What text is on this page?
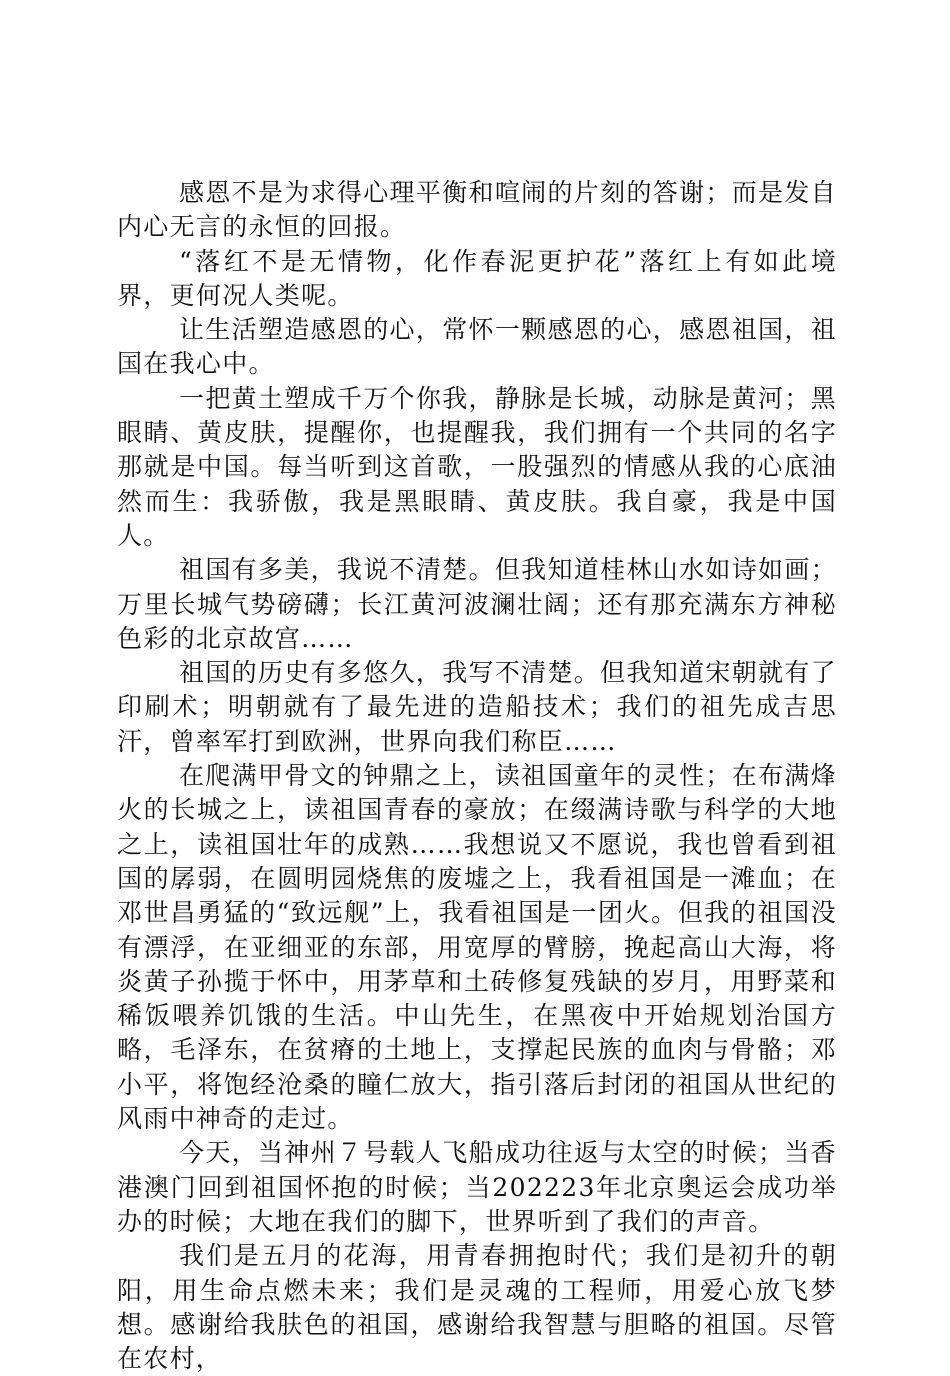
感恩不是为求得心理平衡和喧闹的片刻的答谢；而是发自内心无言的永恒的回报。

“落红不是无情物，化作春泥更护花”落红上有如此境界，更何况人类呢。

让生活塑造感恩的心，常怀一颗感恩的心，感恩祖国，祖国在我心中。

一把黄土塑成千万个你我，静脉是长城，动脉是黄河；黑眼睛、黄皮肤，提醒你，也提醒我，我们拥有一个共同的名字那就是中国。每当听到这首歌，一股强烈的情感从我的心底油然而生：我骄傲，我是黑眼睛、黄皮肤。我自豪，我是中国人。

祖国有多美，我说不清楚。但我知道桂林山水如诗如画；万里长城气势磅礴；长江黄河波澜壮阔；还有那充满东方神秘色彩的北京故宫……

祖国的历史有多悠久，我写不清楚。但我知道宋朝就有了印刷术；明朝就有了最先进的造船技术；我们的祖先成吉思汗，曾率军打到欧洲，世界向我们称臣……

在爬满甲骨文的钟鼎之上，读祖国童年的灵性；在布满烽火的长城之上，读祖国青春的豪放；在缀满诗歌与科学的大地之上，读祖国壮年的成熟……我想说又不愿说，我也曾看到祖国的孱弱，在圆明园烧焦的废墟之上，我看祖国是一滩血；在邓世昌勇猛的“致远舰”上，我看祖国是一团火。但我的祖国没有漂浮，在亚细亚的东部，用宽厚的臂膀，挽起高山大海，将炎黄子孙揽于怀中，用茅草和土砖修复残缺的岁月，用野菜和稀饭喂养饥饿的生活。中山先生，在黑夜中开始规划治国方略，毛泽东，在贫瘠的土地上，支撑起民族的血肉与骨骼；邓小平，将饱经沧桑的瞳仁放大，指引落后封闭的祖国从世纪的风雨中神奇的走过。

今天，当神州７号载人飞船成功往返与太空的时候；当香港澳门回到祖国怀抱的时候；当202223年北京奥运会成功举办的时候；大地在我们的脚下，世界听到了我们的声音。

我们是五月的花海，用青春拥抱时代；我们是初升的朝阳，用生命点燃未来；我们是灵魂的工程师，用爱心放飞梦想。感谢给我肤色的祖国，感谢给我智慧与胆略的祖国。尽管在农村，
